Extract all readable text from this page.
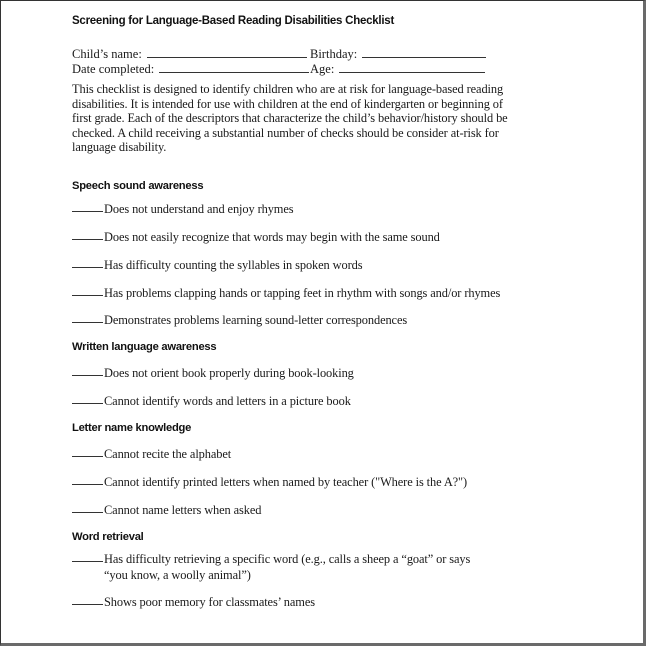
Screening for Language-Based Reading Disabilities Checklist
Child’s name:	Birthday:
Date completed:	Age:

This checklist is designed to identify children who are at risk for language-based reading disabilities. It is intended for use with children at the end of kindergarten or beginning of first grade. Each of the descriptors that characterize the child’s behavior/history should be checked. A child receiving a substantial number of checks should be consider at-risk for language disability.

Speech sound awareness
Does not understand and enjoy rhymes
Does not easily recognize that words may begin with the same sound
Has difficulty counting the syllables in spoken words
Has problems clapping hands or tapping feet in rhythm with songs and/or rhymes
Demonstrates problems learning sound-letter correspondences
Written language awareness
Does not orient book properly during book-looking
Cannot identify words and letters in a picture book
Letter name knowledge
Cannot recite the alphabet
Cannot identify printed letters when named by teacher ("Where is the A?")
Cannot name letters when asked
Word retrieval
Has difficulty retrieving a specific word (e.g., calls a sheep a “goat” or says “you know, a woolly animal”)
Shows poor memory for classmates’ names
